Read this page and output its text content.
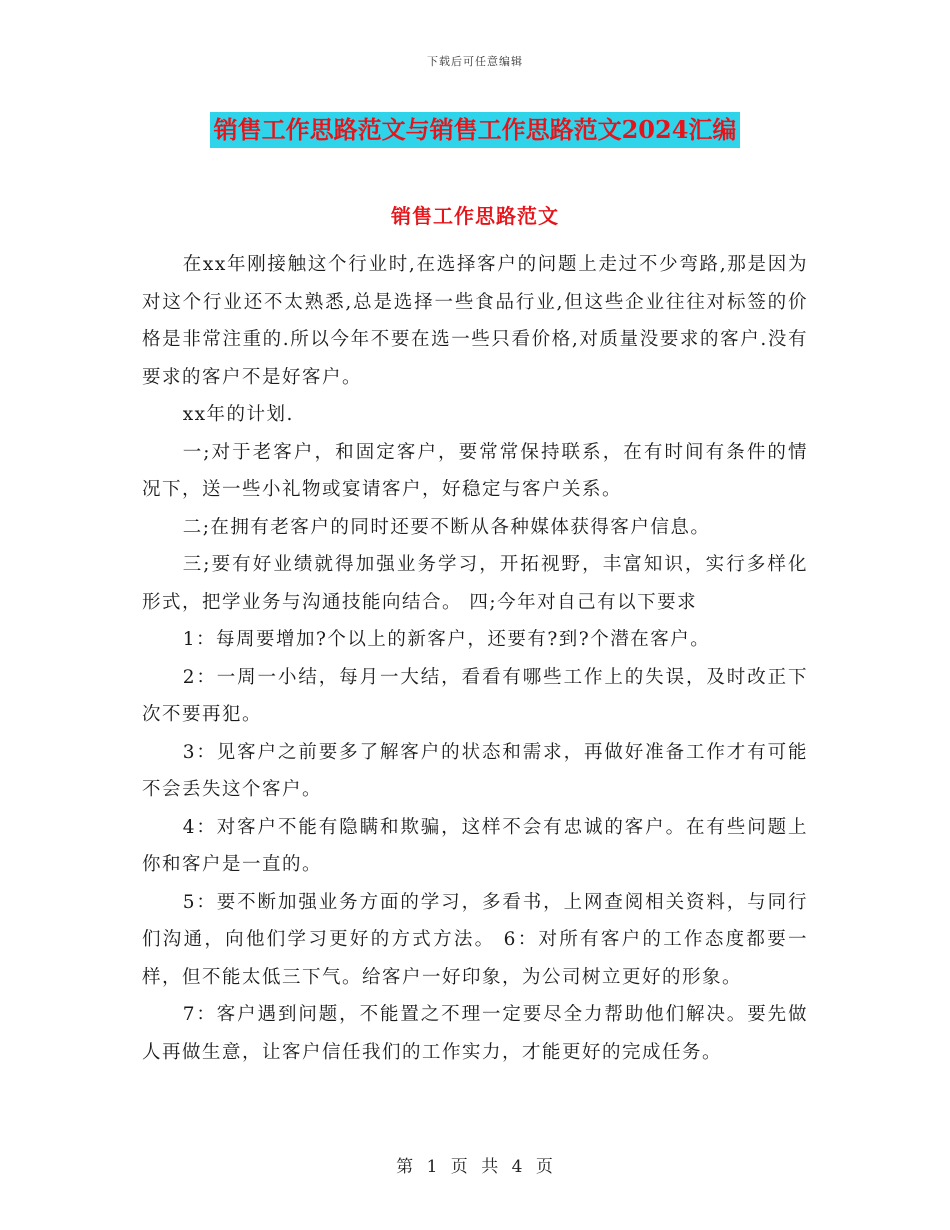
下载后可任意编辑
销售工作思路范文与销售工作思路范文2024汇编
销售工作思路范文

在xx年刚接触这个行业时,在选择客户的问题上走过不少弯路,那是因为对这个行业还不太熟悉,总是选择一些食品行业,但这些企业往往对标签的价格是非常注重的.所以今年不要在选一些只看价格,对质量没要求的客户.没有要求的客户不是好客户。

xx年的计划.

一;对于老客户，和固定客户，要常常保持联系，在有时间有条件的情况下，送一些小礼物或宴请客户，好稳定与客户关系。

二;在拥有老客户的同时还要不断从各种媒体获得客户信息。

三;要有好业绩就得加强业务学习，开拓视野，丰富知识，实行多样化形式，把学业务与沟通技能向结合。 四;今年对自己有以下要求

1：每周要增加?个以上的新客户，还要有?到?个潜在客户。

2：一周一小结，每月一大结，看看有哪些工作上的失误，及时改正下次不要再犯。

3：见客户之前要多了解客户的状态和需求，再做好准备工作才有可能不会丢失这个客户。

4：对客户不能有隐瞒和欺骗，这样不会有忠诚的客户。在有些问题上你和客户是一直的。

5：要不断加强业务方面的学习，多看书，上网查阅相关资料，与同行们沟通，向他们学习更好的方式方法。 6：对所有客户的工作态度都要一样，但不能太低三下气。给客户一好印象，为公司树立更好的形象。

7：客户遇到问题，不能置之不理一定要尽全力帮助他们解决。要先做人再做生意，让客户信任我们的工作实力，才能更好的完成任务。

第 1 页 共 4 页
